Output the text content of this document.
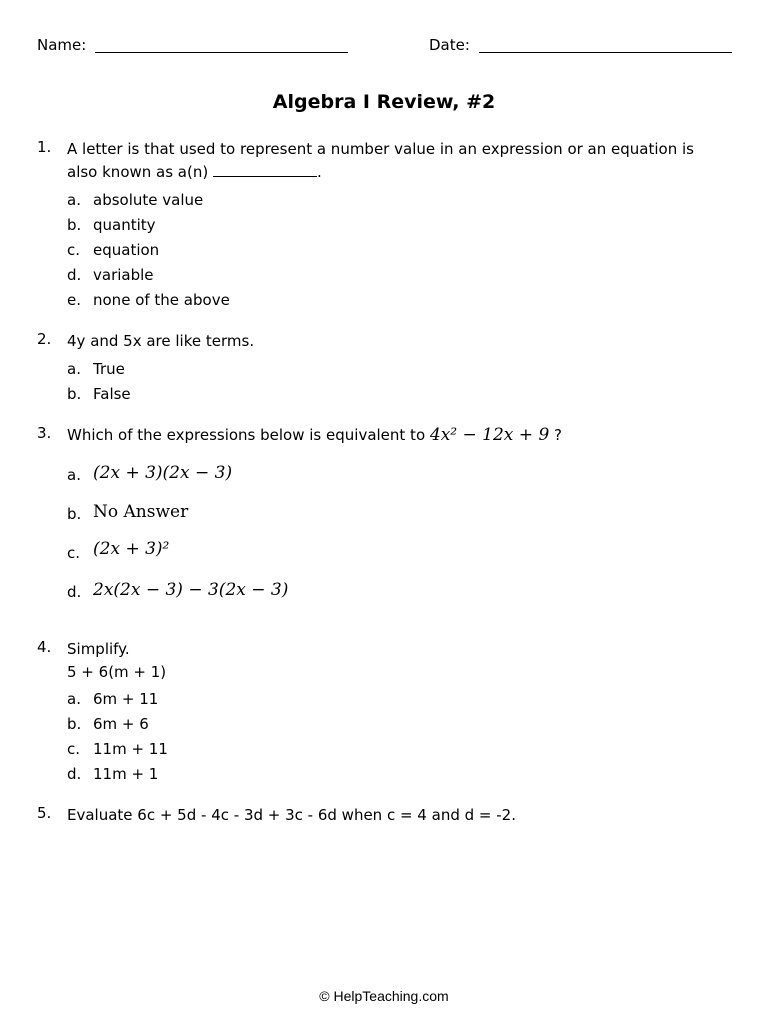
Name:	Date:
Algebra I Review, #2
1. A letter is that used to represent a number value in an expression or an equation is
also known as a(n)	.
a. absolute value
b. quantity
c. equation
d. variable
e. none of the above
2. 4y and 5x are like terms.
a. True
b. False
3. Which of the expressions below is equivalent to 4x² − 12x + 9 ?
a. (2x + 3)(2x − 3)
b. No Answer
c. (2x + 3)²
d. 2x(2x − 3) − 3(2x − 3)
4. Simplify.
5 + 6(m + 1)
a. 6m + 11
b. 6m + 6
c. 11m + 11
d. 11m + 1
5. Evaluate 6c + 5d - 4c - 3d + 3c - 6d when c = 4 and d = -2.
© HelpTeaching.com
